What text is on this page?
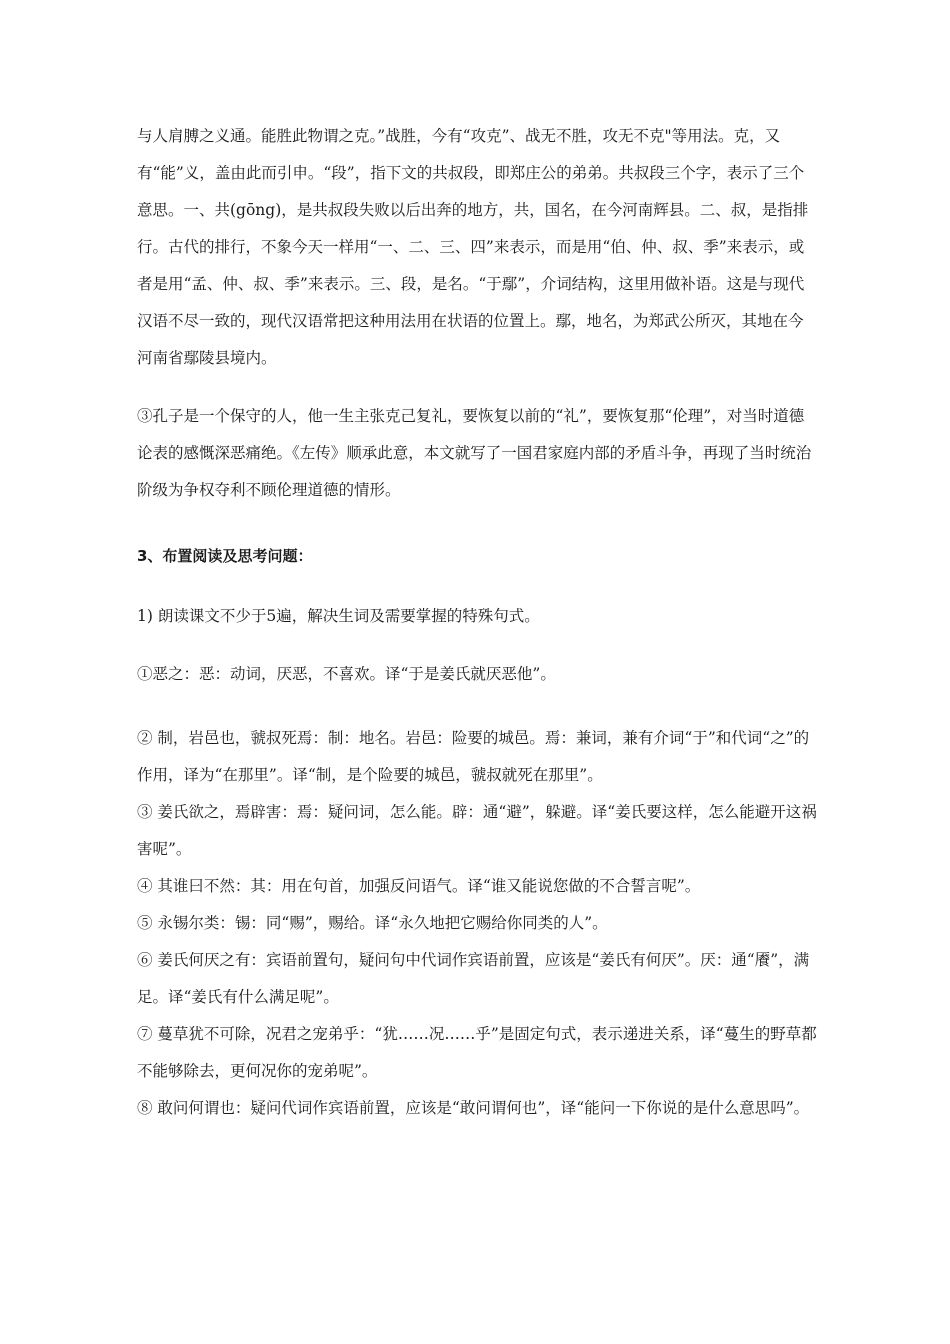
与人肩膊之义通。能胜此物谓之克。”战胜，今有“攻克”、战无不胜，攻无不克"等用法。克，又有“能”义，盖由此而引申。“段”，指下文的共叔段，即郑庄公的弟弟。共叔段三个字，表示了三个意思。一、共(gōng)，是共叔段失败以后出奔的地方，共，国名，在今河南辉县。二、叔，是指排行。古代的排行，不象今天一样用“一、二、三、四”来表示，而是用“伯、仲、叔、季”来表示，或者是用“孟、仲、叔、季”来表示。三、段，是名。“于鄢”，介词结构，这里用做补语。这是与现代汉语不尽一致的，现代汉语常把这种用法用在状语的位置上。鄢，地名，为郑武公所灭，其地在今河南省鄢陵县境内。

③孔子是一个保守的人，他一生主张克己复礼，要恢复以前的“礼”，要恢复那“伦理”，对当时道德论表的感慨深恶痛绝。《左传》顺承此意，本文就写了一国君家庭内部的矛盾斗争，再现了当时统治阶级为争权夺利不顾伦理道德的情形。

3、布置阅读及思考问题：

1) 朗读课文不少于5遍，解决生词及需要掌握的特殊句式。

①恶之：恶：动词，厌恶，不喜欢。译“于是姜氏就厌恶他”。

② 制，岩邑也，虢叔死焉：制：地名。岩邑：险要的城邑。焉：兼词，兼有介词“于”和代词“之”的作用，译为“在那里”。译“制，是个险要的城邑，虢叔就死在那里”。

③ 姜氏欲之，焉辟害：焉：疑问词，怎么能。辟：通“避”，躲避。译“姜氏要这样，怎么能避开这祸害呢”。

④ 其谁曰不然：其：用在句首，加强反问语气。译“谁又能说您做的不合誓言呢”。

⑤ 永锡尔类：锡：同“赐”，赐给。译“永久地把它赐给你同类的人”。

⑥ 姜氏何厌之有：宾语前置句，疑问句中代词作宾语前置，应该是“姜氏有何厌”。厌：通“餍”，满足。译“姜氏有什么满足呢”。

⑦ 蔓草犹不可除，况君之宠弟乎：“犹……况……乎”是固定句式，表示递进关系，译“蔓生的野草都不能够除去，更何况你的宠弟呢”。

⑧ 敢问何谓也：疑问代词作宾语前置，应该是“敢问谓何也”，译“能问一下你说的是什么意思吗”。
